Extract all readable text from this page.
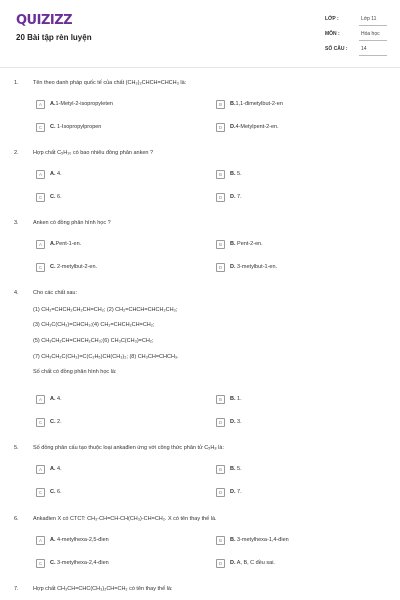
QUIZIZZ
20 Bài tập rèn luyện
LỚP :	Lớp 11
MÔN :	Hóa học
SỐ CÂU :	14
1.	Tên theo danh pháp quốc tế của chất (CH₃)₂CHCH=CHCH₃ là:
A	A.1-Metyl-2-isopropyleten	B	B.1,1-đimetylbut-2-en
C	C. 1-Isopropylpropen	D	D.4-Metylpent-2-en.
2.	Hợp chất C₅H₁₀ có bao nhiêu đồng phân anken ?
A	A. 4.	B	B. 5.
C	C. 6.	D	D. 7.
3.	Anken có đồng phân hình học ?
A	A.Pent-1-en.	B	B. Pent-2-en.
C	C. 2-metylbut-2-en.	D	D. 3-metylbut-1-en.
4.	Cho các chất sau:
(1) CH₂=CHCH₂CH₂CH=CH₂; (2) CH₂=CHCH=CHCH₂CH₃;
(3) CH₃C(CH₃)=CHCH₃;(4) CH₂=CHCH₂CH=CH₂;
(5) CH₃CH₂CH=CHCH₂CH₃;(6) CH₃C(CH₃)=CH₂;
(7) CH₃CH₂C(CH₃)=C(C₂H₅)CH(CH₃)₂; (8) CH₃CH=CHCH₃.
Số chất có đồng phân hình học là:
A	A. 4.	B	B. 1.
C	C. 2.	D	D. 3.
5.	Số đồng phân cấu tạo thuộc loại ankađien ứng với công thức phân tử C₅H₈ là:
A	A. 4.	B	B. 5.
C	C. 6.	D	D. 7.
6.	Ankađien X có CTCT: CH₃-CH=CH-CH(CH₃)-CH=CH₂. X có tên thay thế là.
A	A. 4-metylhexa-2,5-đien	B	B. 3-metylhexa-1,4-đien
C	C. 3-metylhexa-2,4-đien	D	D. A, B, C đều sai.
7.	Hợp chất CH₃CH=CHC(CH₃)₂CH=CH₂ có tên thay thế là:
